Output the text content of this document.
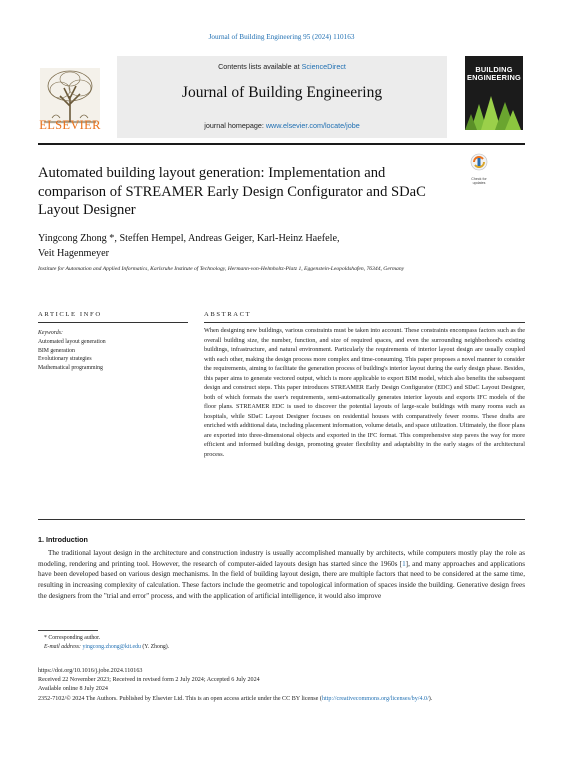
Journal of Building Engineering 95 (2024) 110163
ELSEVIER
Contents lists available at ScienceDirect
Journal of Building Engineering
journal homepage: www.elsevier.com/locate/jobe
BUILDING
ENGINEERING
Automated building layout generation: Implementation and comparison of STREAMER Early Design Configurator and SDaC Layout Designer
Check for
updates
Yingcong Zhong *, Steffen Hempel, Andreas Geiger, Karl-Heinz Haefele,
Veit Hagenmeyer
Institute for Automation and Applied Informatics, Karlsruhe Institute of Technology, Hermann-von-Helmholtz-Platz 1, Eggenstein-Leopoldshafen, 76344, Germany
ARTICLE INFO	ABSTRACT
Keywords:
Automated layout generation
BIM generation
Evolutionary strategies
Mathematical programming
When designing new buildings, various constraints must be taken into account. These constraints encompass factors such as the overall building size, the number, function, and size of required spaces, and even the surrounding neighborhood's existing buildings, infrastructure, and natural environment. Particularly the requirements of interior layout design are usually coupled with each other, making the design process more complex and time-consuming. This paper proposes a novel manner to consider the requirements, aiming to facilitate the generation process of building's interior layout during the early design phase. Besides, this paper aims to generate vectored output, which is more applicable to export BIM model, which also benefits the subsequent design and construct steps. This paper introduces STREAMER Early Design Configurator (EDC) and SDaC Layout Designer, both of which formats the user's requirements, semi-automatically generates interior layouts and exports IFC models of the floor plans. STREAMER EDC is used to discover the potential layouts of large-scale buildings with many rooms such as hospitals, while SDaC Layout Designer focuses on residential houses with comparatively fewer rooms. These drafts are enriched with additional data, including placement information, volume details, and space utilization. Ultimately, the floor plans are exported into three-dimensional objects and exported in the IFC format. This comprehensive step paves the way for more efficient and informed building design, promoting greater flexibility and adaptability in the early stages of the architectural process.
1. Introduction
The traditional layout design in the architecture and construction industry is usually accomplished manually by architects, while computers mostly play the role as modeling, rendering and printing tool. However, the research of computer-aided layouts design has started since the 1960s [1], and many approaches and applications have been developed based on various design mechanisms. In the field of building layout design, there are multiple factors that need to be considered at the same time, resulting in increasing complexity of calculation. These factors include the geometric and topological information of spaces inside the building. Generative design frees the designers from the "trial and error" process, and with the application of artificial intelligence, it would also improve
* Corresponding author.
E-mail address: yingcong.zhong@kit.edu (Y. Zhong).
https://doi.org/10.1016/j.jobe.2024.110163
Received 22 November 2023; Received in revised form 2 July 2024; Accepted 6 July 2024
Available online 8 July 2024
2352-7102/© 2024 The Authors. Published by Elsevier Ltd. This is an open access article under the CC BY license (http://creativecommons.org/licenses/by/4.0/).
